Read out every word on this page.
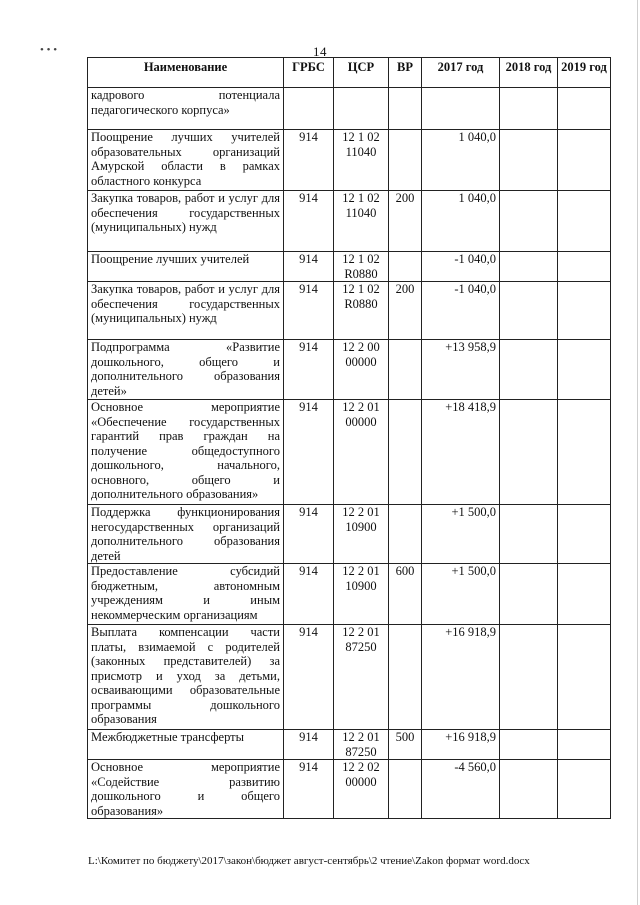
• • •	14
Наименование	ГРБС	ЦСР	ВР	2017 год	2018 год	2019 год
кадрового потенциала педагогического корпуса»						
Поощрение лучших учителей образовательных организаций Амурской области в рамках областного конкурса	914	12 1 02 11040		1 040,0		
Закупка товаров, работ и услуг для обеспечения государственных (муниципальных) нужд	914	12 1 02 11040	200	1 040,0		
Поощрение лучших учителей	914	12 1 02 R0880		-1 040,0		
Закупка товаров, работ и услуг для обеспечения государственных (муниципальных) нужд	914	12 1 02 R0880	200	-1 040,0		
Подпрограмма «Развитие дошкольного, общего и дополнительного образования детей»	914	12 2 00 00000		+13 958,9		
Основное мероприятие «Обеспечение государственных гарантий прав граждан на получение общедоступного дошкольного, начального, основного, общего и дополнительного образования»	914	12 2 01 00000		+18 418,9		
Поддержка функционирования негосударственных организаций дополнительного образования детей	914	12 2 01 10900		+1 500,0		
Предоставление субсидий бюджетным, автономным учреждениям и иным некоммерческим организациям	914	12 2 01 10900	600	+1 500,0		
Выплата компенсации части платы, взимаемой с родителей (законных представителей) за присмотр и уход за детьми, осваивающими образовательные программы дошкольного образования	914	12 2 01 87250		+16 918,9		
Межбюджетные трансферты	914	12 2 01 87250	500	+16 918,9		
Основное мероприятие «Содействие развитию дошкольного и общего образования»	914	12 2 02 00000		-4 560,0		
L:\Комитет по бюджету\2017\закон\бюджет август-сентябрь\2 чтение\Zakon формат word.docx
